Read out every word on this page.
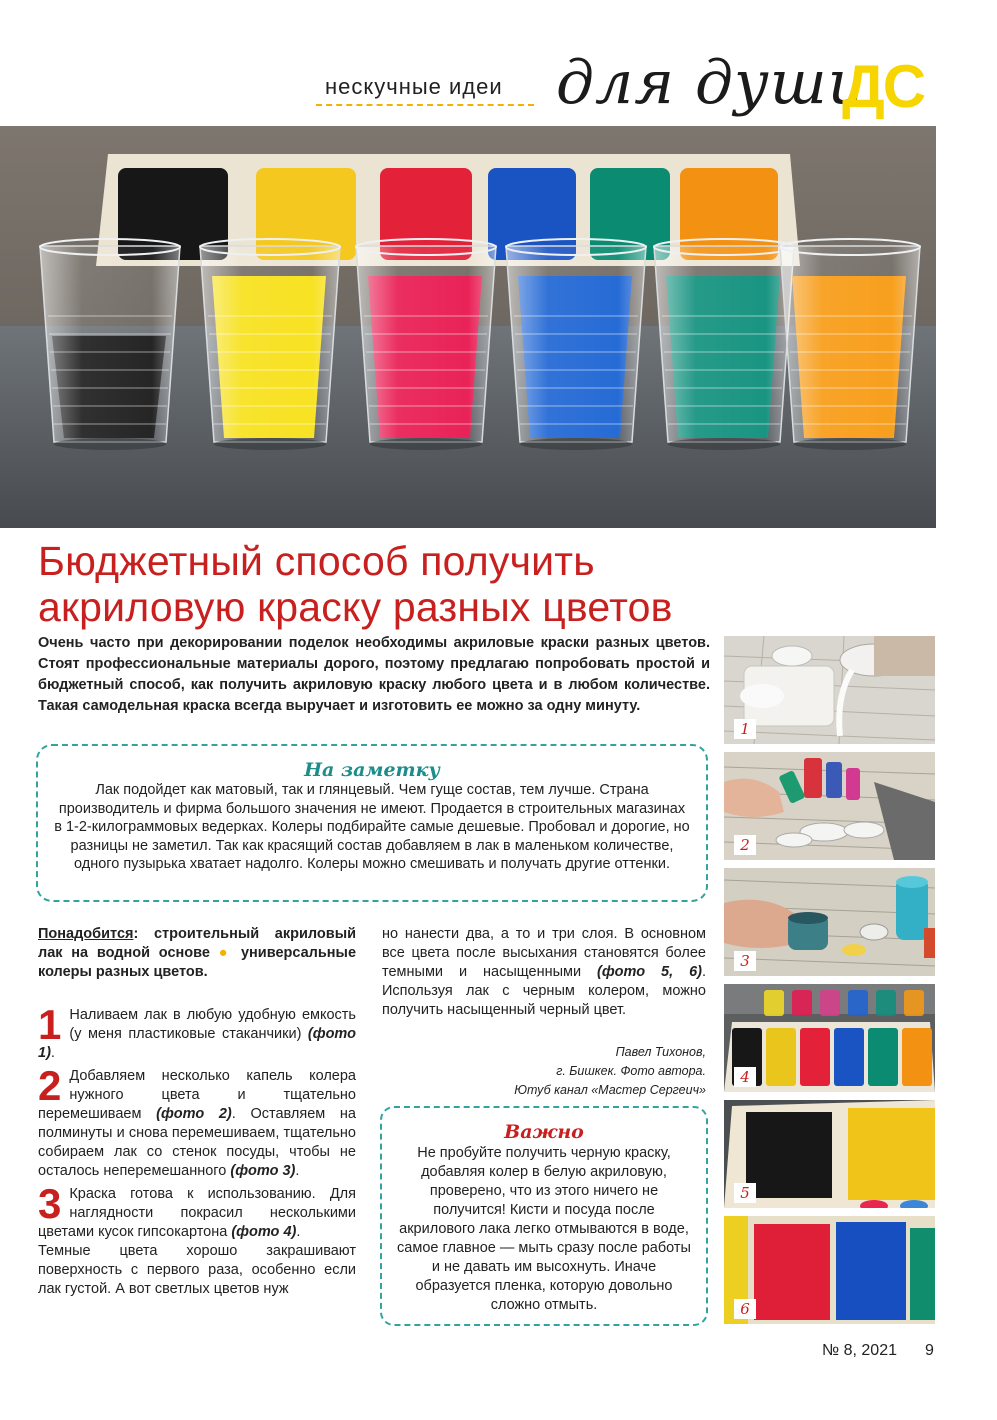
нескучные идеи для души
ДС
Бюджетный способ получить
акриловую краску разных цветов
Очень часто при декорировании поделок необходимы акриловые краски разных цветов. Стоят профессиональные материалы дорого, поэтому предлагаю попробовать простой и бюджетный способ, как получить акриловую краску любого цвета и в любом количестве. Такая самодельная краска всегда выручает и изготовить ее можно за одну минуту.
На заметку
Лак подойдет как матовый, так и глянцевый. Чем гуще состав, тем лучше. Страна производитель и фирма большого значения не имеют. Продается в строительных магазинах в 1-2-килограммовых ведерках. Колеры подбирайте самые дешевые. Пробовал и дорогие, но разницы не заметил. Так как красящий состав добавляем в лак в маленьком количестве, одного пузырька хватает надолго. Колеры можно смешивать и получать другие оттенки.
Понадобится: строительный акриловый лак на водной основе ● универсальные колеры разных цветов.
1 Наливаем лак в любую удобную емкость (у меня пластиковые стаканчики) (фото 1).
2 Добавляем несколько капель колера нужного цвета и тщательно перемешиваем (фото 2). Оставляем на полминуты и снова перемешиваем, тщательно собираем лак со стенок посуды, чтобы не осталось неперемешанного (фото 3).
3 Краска готова к использованию. Для наглядности покрасил несколькими цветами кусок гипсокартона (фото 4).
Темные цвета хорошо закрашивают поверхность с первого раза, особенно если лак густой. А вот светлых цветов нуж
но нанести два, а то и три слоя. В основном все цвета после высыхания становятся более темными и насыщенными (фото 5, 6). Используя лак с черным колером, можно получить насыщенный черный цвет.
Павел Тихонов,
г. Бишкек. Фото автора.
Ютуб канал «Мастер Сергеич»
Важно
Не пробуйте получить черную краску, добавляя колер в белую акриловую, проверено, что из этого ничего не получится! Кисти и посуда после акрилового лака легко отмываются в воде, самое главное — мыть сразу после работы и не давать им высохнуть. Иначе образуется пленка, которую довольно сложно отмыть.
1
2
3
4
5
6
№ 8, 2021 9
